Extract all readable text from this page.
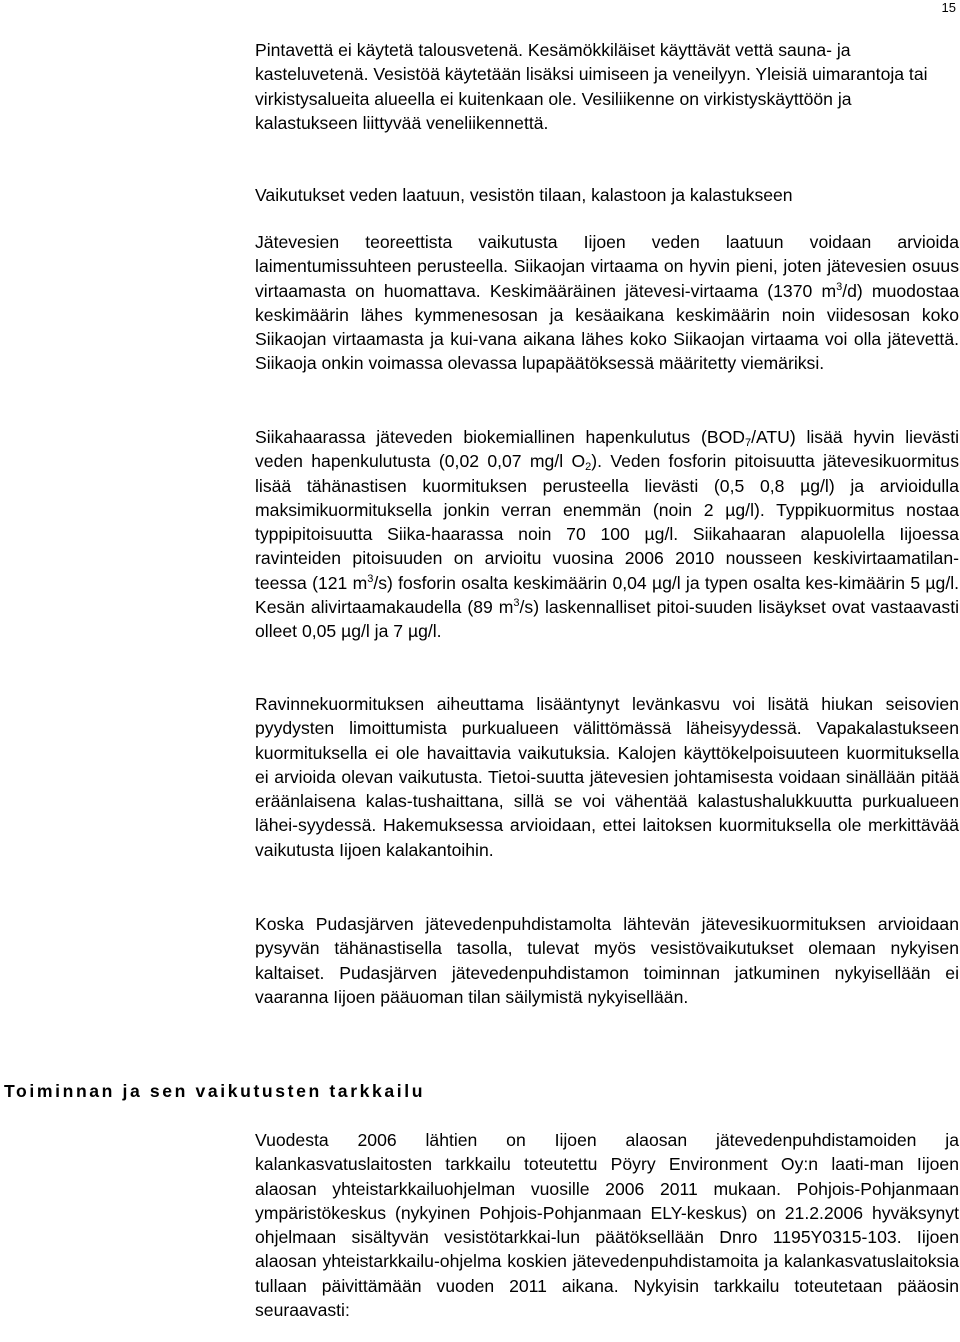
15

Pintavettä ei käytetä talousvetenä. Kesämökkiläiset käyttävät vettä sauna- ja kasteluvetenä. Vesistöä käytetään lisäksi uimiseen ja veneilyyn. Yleisiä uimarantoja tai virkistysalueita alueella ei kuitenkaan ole. Vesiliikenne on virkistyskäyttöön ja kalastukseen liittyvää veneliikennettä.

Vaikutukset veden laatuun, vesistön tilaan, kalastoon ja kalastukseen

Jätevesien teoreettista vaikutusta Iijoen veden laatuun voidaan arvioida laimentumissuhteen perusteella. Siikaojan virtaama on hyvin pieni, joten jätevesien osuus virtaamasta on huomattava. Keskimääräinen jätevesi-virtaama (1370 $m^3/d$) muodostaa keskimäärin lähes kymmenesosan ja kesäaikana keskimäärin noin viidesosan koko Siikaojan virtaamasta ja kui-vana aikana lähes koko Siikaojan virtaama voi olla jätevettä. Siikaoja onkin voimassa olevassa lupapäätöksessä määritetty viemäriksi.

Siikahaarassa jäteveden biokemiallinen hapenkulutus $(BOD_7/ATU)$ lisää hyvin lievästi veden hapenkulutusta (0,02 0,07 mg/l $O_2$). Veden fosforin pitoisuutta jätevesikuormitus lisää tähänastisen kuormituksen perusteella lievästi (0,5 0,8 µg/l) ja arvioidulla maksimikuormituksella jonkin verran enemmän (noin 2 µg/l). Typpikuormitus nostaa typpipitoisuutta Siika-haarassa noin 70 100 µg/l. Siikahaaran alapuolella Iijoessa ravinteiden pitoisuuden on arvioitu vuosina 2006 2010 nousseen keskivirtaamatilan-teessa (121 $m^3/s$) fosforin osalta keskimäärin 0,04 µg/l ja typen osalta kes-kimäärin 5 µg/l. Kesän alivirtaamakaudella (89 $m^3/s$) laskennalliset pitoi-suuden lisäykset ovat vastaavasti olleet 0,05 µg/l ja 7 µg/l.

Ravinnekuormituksen aiheuttama lisääntynyt levänkasvu voi lisätä hiukan seisovien pyydysten limoittumista purkualueen välittömässä läheisyydessä. Vapakalastukseen kuormituksella ei ole havaittavia vaikutuksia. Kalojen käyttökelpoisuuteen kuormituksella ei arvioida olevan vaikutusta. Tietoi-suutta jätevesien johtamisesta voidaan sinällään pitää eräänlaisena kalas-tushaittana, sillä se voi vähentää kalastushalukkuutta purkualueen lähei-syydessä. Hakemuksessa arvioidaan, ettei laitoksen kuormituksella ole merkittävää vaikutusta Iijoen kalakantoihin.

Koska Pudasjärven jätevedenpuhdistamolta lähtevän jätevesikuormituksen arvioidaan pysyvän tähänastisella tasolla, tulevat myös vesistövaikutukset olemaan nykyisen kaltaiset. Pudasjärven jätevedenpuhdistamon toiminnan jatkuminen nykyisellään ei vaaranna Iijoen pääuoman tilan säilymistä nykyisellään.

Toiminnan ja sen vaikutusten tarkkailu

Vuodesta 2006 lähtien on Iijoen alaosan jätevedenpuhdistamoiden ja kalankasvatuslaitosten tarkkailu toteutettu Pöyry Environment Oy:n laati-man Iijoen alaosan yhteistarkkailuohjelman vuosille 2006 2011 mukaan. Pohjois-Pohjanmaan ympäristökeskus (nykyinen Pohjois-Pohjanmaan ELY-keskus) on 21.2.2006 hyväksynyt ohjelmaan sisältyvän vesistötarkkai-lun päätöksellään Dnro 1195Y0315-103. Iijoen alaosan yhteistarkkailu-ohjelma koskien jätevedenpuhdistamoita ja kalankasvatuslaitoksia tullaan päivittämään vuoden 2011 aikana. Nykyisin tarkkailu toteutetaan pääosin seuraavasti:
